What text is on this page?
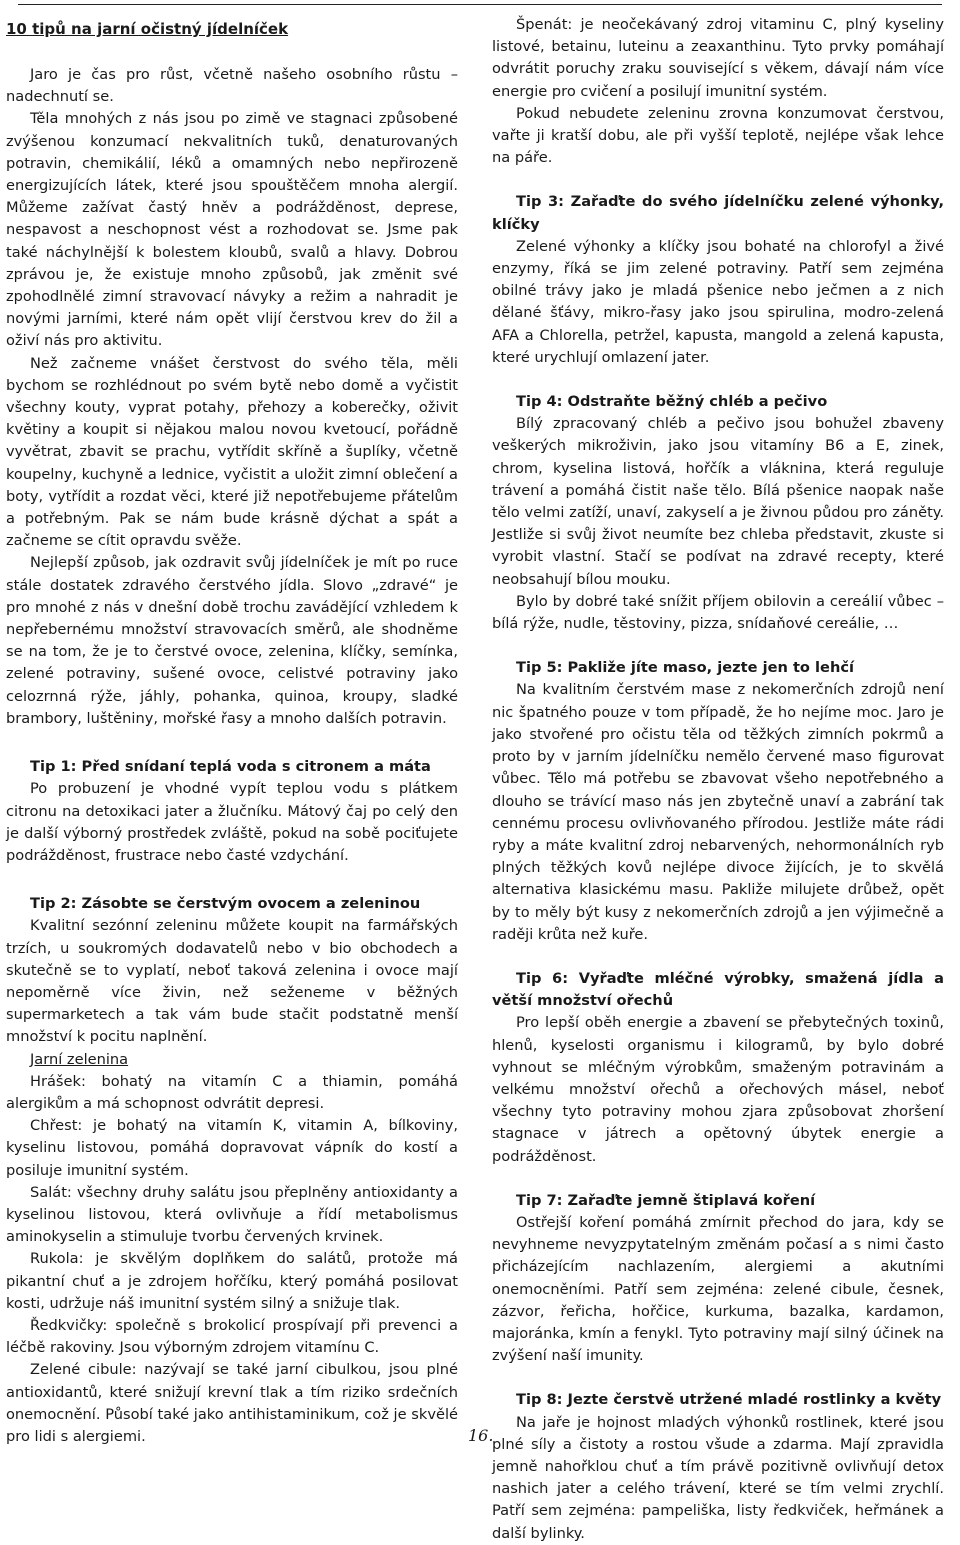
10 tipů na jarní očistný jídelníček

Jaro je čas pro růst, včetně našeho osobního růstu – nadechnutí se.

Těla mnohých z nás jsou po zimě ve stagnaci způsobené zvýšenou konzumací nekvalitních tuků, denaturovaných potravin, chemikálií, léků a omamných nebo nepřirozeně energizujících látek, které jsou spouštěčem mnoha alergií. Můžeme zažívat častý hněv a podrážděnost, deprese, nespavost a neschopnost vést a rozhodovat se. Jsme pak také náchylnější k bolestem kloubů, svalů a hlavy. Dobrou zprávou je, že existuje mnoho způsobů, jak změnit své zpohodlnělé zimní stravovací návyky a režim a nahradit je novými jarními, které nám opět vlijí čerstvou krev do žil a oživí nás pro aktivitu.

Než začneme vnášet čerstvost do svého těla, měli bychom se rozhlédnout po svém bytě nebo domě a vyčistit všechny kouty, vyprat potahy, přehozy a koberečky, oživit květiny a koupit si nějakou malou novou kvetoucí, pořádně vyvětrat, zbavit se prachu, vytřídit skříně a šuplíky, včetně koupelny, kuchyně a lednice, vyčistit a uložit zimní oblečení a boty, vytřídit a rozdat věci, které již nepotřebujeme přátelům a potřebným. Pak se nám bude krásně dýchat a spát a začneme se cítit opravdu svěže.

Nejlepší způsob, jak ozdravit svůj jídelníček je mít po ruce stále dostatek zdravého čerstvého jídla. Slovo „zdravé“ je pro mnohé z nás v dnešní době trochu zavádějící vzhledem k nepřebernému množství stravovacích směrů, ale shodněme se na tom, že je to čerstvé ovoce, zelenina, klíčky, semínka, zelené potraviny, sušené ovoce, celistvé potraviny jako celozrnná rýže, jáhly, pohanka, quinoa, kroupy, sladké brambory, luštěniny, mořské řasy a mnoho dalších potravin.

Tip 1: Před snídaní teplá voda s citronem a máta

Po probuzení je vhodné vypít teplou vodu s plátkem citronu na detoxikaci jater a žlučníku. Mátový čaj po celý den je další výborný prostředek zvláště, pokud na sobě pociťujete podrážděnost, frustrace nebo časté vzdychání.

Tip 2: Zásobte se čerstvým ovocem a zeleninou

Kvalitní sezónní zeleninu můžete koupit na farmářských trzích, u soukromých dodavatelů nebo v bio obchodech a skutečně se to vyplatí, neboť taková zelenina i ovoce mají nepoměrně více živin, než seženeme v běžných supermarketech a tak vám bude stačit podstatně menší množství k pocitu naplnění.

Jarní zelenina

Hrášek: bohatý na vitamín C a thiamin, pomáhá alergikům a má schopnost odvrátit depresi.

Chřest: je bohatý na vitamín K, vitamin A, bílkoviny, kyselinu listovou, pomáhá dopravovat vápník do kostí a posiluje imunitní systém.

Salát: všechny druhy salátu jsou přeplněny antioxidanty a kyselinou listovou, která ovlivňuje a řídí metabolismus aminokyselin a stimuluje tvorbu červených krvinek.

Rukola: je skvělým doplňkem do salátů, protože má pikantní chuť a je zdrojem hořčíku, který pomáhá posilovat kosti, udržuje náš imunitní systém silný a snižuje tlak.

Ředkvičky: společně s brokolicí prospívají při prevenci a léčbě rakoviny. Jsou výborným zdrojem vitamínu C.

Zelené cibule: nazývají se také jarní cibulkou, jsou plné antioxidantů, které snižují krevní tlak a tím riziko srdečních onemocnění. Působí také jako antihistaminikum, což je skvělé pro lidi s alergiemi.

Špenát: je neočekávaný zdroj vitaminu C, plný kyseliny listové, betainu, luteinu a zeaxanthinu. Tyto prvky pomáhají odvrátit poruchy zraku související s věkem, dávají nám více energie pro cvičení a posilují imunitní systém.

Pokud nebudete zeleninu zrovna konzumovat čerstvou, vařte ji kratší dobu, ale při vyšší teplotě, nejlépe však lehce na páře.

Tip 3: Zařaďte do svého jídelníčku zelené výhonky, klíčky

Zelené výhonky a klíčky jsou bohaté na chlorofyl a živé enzymy, říká se jim zelené potraviny. Patří sem zejména obilné trávy jako je mladá pšenice nebo ječmen a z nich dělané šťávy, mikro-řasy jako jsou spirulina, modro-zelená AFA a Chlorella, petržel, kapusta, mangold a zelená kapusta, které urychlují omlazení jater.

Tip 4: Odstraňte běžný chléb a pečivo

Bílý zpracovaný chléb a pečivo jsou bohužel zbaveny veškerých mikroživin, jako jsou vitamíny B6 a E, zinek, chrom, kyselina listová, hořčík a vláknina, která reguluje trávení a pomáhá čistit naše tělo. Bílá pšenice naopak naše tělo velmi zatíží, unaví, zakyselí a je živnou půdou pro záněty. Jestliže si svůj život neumíte bez chleba představit, zkuste si vyrobit vlastní. Stačí se podívat na zdravé recepty, které neobsahují bílou mouku.

Bylo by dobré také snížit příjem obilovin a cereálií vůbec – bílá rýže, nudle, těstoviny, pizza, snídaňové cereálie, …

Tip 5: Pakliže jíte maso, jezte jen to lehčí

Na kvalitním čerstvém mase z nekomerčních zdrojů není nic špatného pouze v tom případě, že ho nejíme moc. Jaro je jako stvořené pro očistu těla od těžkých zimních pokrmů a proto by v jarním jídelníčku nemělo červené maso figurovat vůbec. Tělo má potřebu se zbavovat všeho nepotřebného a dlouho se trávící maso nás jen zbytečně unaví a zabrání tak cennému procesu ovlivňovaného přírodou. Jestliže máte rádi ryby a máte kvalitní zdroj nebarvených, nehormonálních ryb plných těžkých kovů nejlépe divoce žijících, je to skvělá alternativa klasickému masu. Pakliže milujete drůbež, opět by to měly být kusy z nekomerčních zdrojů a jen výjimečně a raději krůta než kuře.

Tip 6: Vyřaďte mléčné výrobky, smažená jídla a větší množství ořechů

Pro lepší oběh energie a zbavení se přebytečných toxinů, hlenů, kyselosti organismu i kilogramů, by bylo dobré vyhnout se mléčným výrobkům, smaženým potravinám a velkému množství ořechů a ořechových másel, neboť všechny tyto potraviny mohou zjara způsobovat zhoršení stagnace v játrech a opětovný úbytek energie a podrážděnost.

Tip 7: Zařaďte jemně štiplavá koření

Ostřejší koření pomáhá zmírnit přechod do jara, kdy se nevyhneme nevyzpytatelným změnám počasí a s nimi často přicházejícím nachlazením, alergiemi a akutními onemocněními. Patří sem zejména: zelené cibule, česnek, zázvor, řeřicha, hořčice, kurkuma, bazalka, kardamon, majoránka, kmín a fenykl. Tyto potraviny mají silný účinek na zvýšení naší imunity.

Tip 8: Jezte čerstvě utržené mladé rostlinky a květy

Na jaře je hojnost mladých výhonků rostlinek, které jsou plné síly a čistoty a rostou všude a zdarma. Mají zpravidla jemně nahořklou chuť a tím právě pozitivně ovlivňují detox nashich jater a celého trávení, které se tím velmi zrychlí. Patří sem zejména: pampeliška, listy ředkviček, heřmánek a další bylinky.

16.
